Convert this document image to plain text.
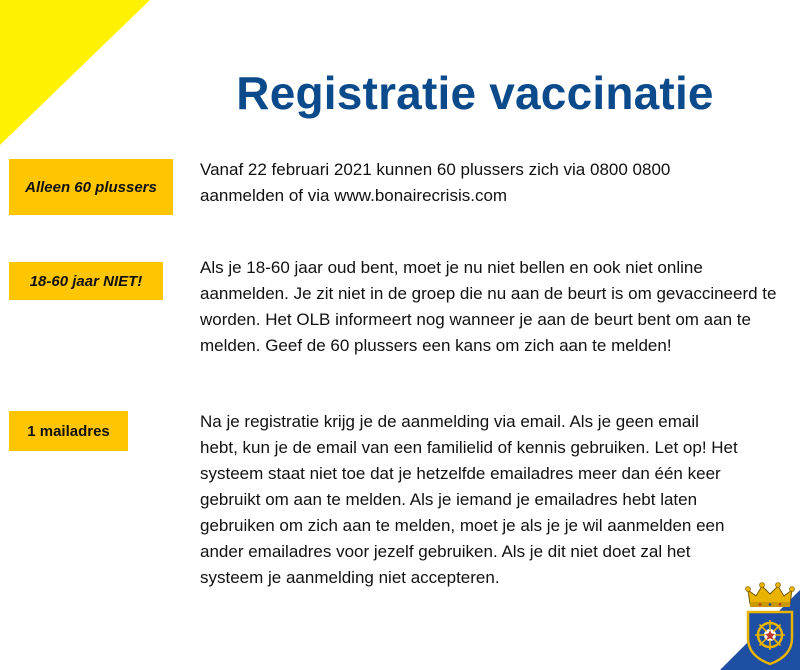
Registratie vaccinatie
Alleen 60 plussers
18-60 jaar NIET!
1 mailadres

Vanaf 22 februari 2021 kunnen 60 plussers zich via 0800 0800 aanmelden of via www.bonairecrisis.com

Als je 18-60 jaar oud bent, moet je nu niet bellen en ook niet online aanmelden. Je zit niet in de groep die nu aan de beurt is om gevaccineerd te worden. Het OLB informeert nog wanneer je aan de beurt bent om aan te melden. Geef de 60 plussers een kans om zich aan te melden!

Na je registratie krijg je de aanmelding via email. Als je geen email hebt, kun je de email van een familielid of kennis gebruiken. Let op! Het systeem staat niet toe dat je hetzelfde emailadres meer dan één keer gebruikt om aan te melden. Als je iemand je emailadres hebt laten gebruiken om zich aan te melden, moet je als je je wil aanmelden een ander emailadres voor jezelf gebruiken. Als je dit niet doet zal het systeem je aanmelding niet accepteren.
